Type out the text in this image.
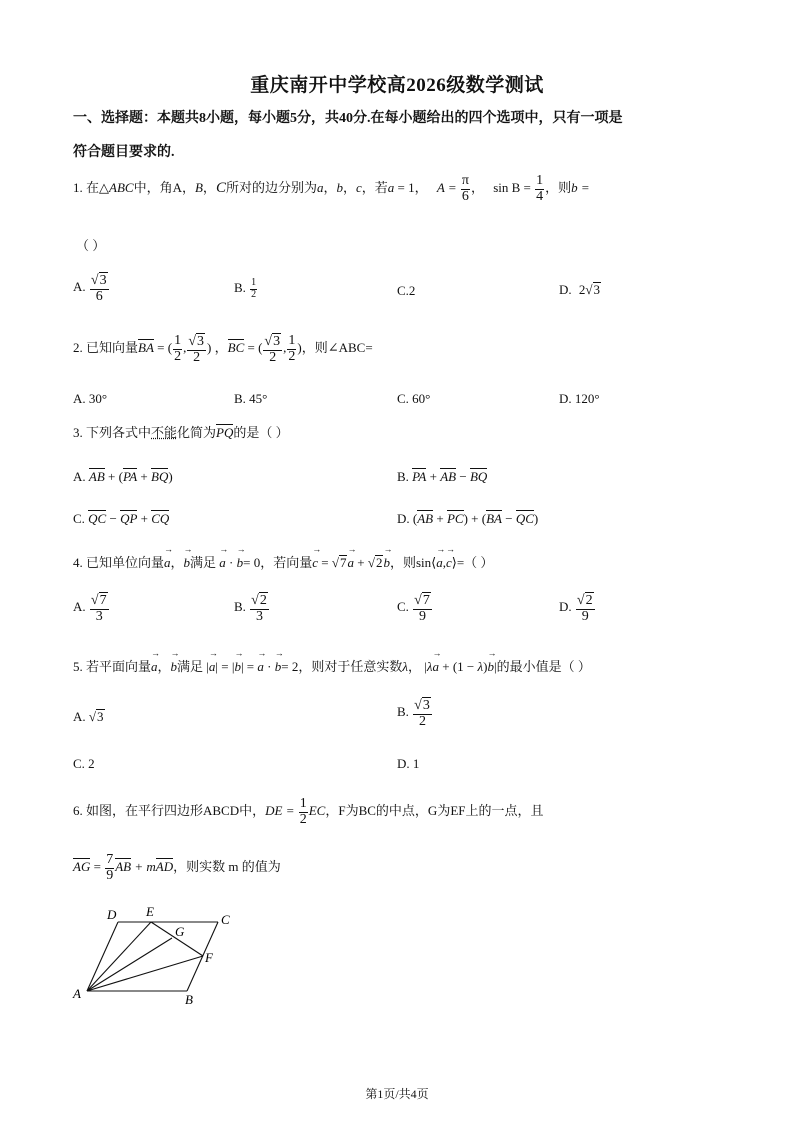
重庆南开中学校高2026级数学测试
一、选择题：本题共8小题，每小题5分，共40分.在每小题给出的四个选项中，只有一项是
符合题目要求的.
1. 在△ABC中，角A，B，C所对的边分别为a，b，c，若a = 1， $A = \frac{\pi}{6}$ ， $\sin B = \frac{1}{4}$ ，则b =
（ ）
A. $\frac{√3}{6}$	B. $\frac{1}{2}$	C.2	D. 2√3
2. 已知向量BA = ( $\frac{1}{2}$ , $\frac{√3}{2}$ ) ，BC = ( $\frac{√3}{2}$ , $\frac{1}{2}$ )，则∠ABC=
A. 30°	B. 45°	C. 60°	D. 120°
3. 下列各式中不能化简为PQ的是（ ）
A. AB + (PA + BQ)	B. PA + AB − BQ
C. QC − QP + CQ	D. (AB + PC) + (BA − QC)
4. 已知单位向量→ a，→ b满足 → a · → b= 0，若向量→ c = √7→ a + √2→ b，则sin⟨→ a,→ c⟩=（ ）
A. $\frac{√7}{3}$	B. $\frac{√2}{3}$	C. $\frac{√7}{9}$	D. $\frac{√2}{9}$
5. 若平面向量→ a，→ b满足 |→ a| = |→ b| = → a · → b= 2，则对于任意实数λ， |λ→ a + (1 − λ)→ b|的最小值是（ ）
A. √3	B. $\frac{√3}{2}$
C. 2	D. 1
6. 如图，在平行四边形ABCD中，DE = $\frac{1}{2}$ EC，F为BC的中点，G为EF上的一点，且
AG = $\frac{7}{9}$ AB + mAD，则实数 m 的值为
D E
C
G
F
A	B
第1页/共4页
